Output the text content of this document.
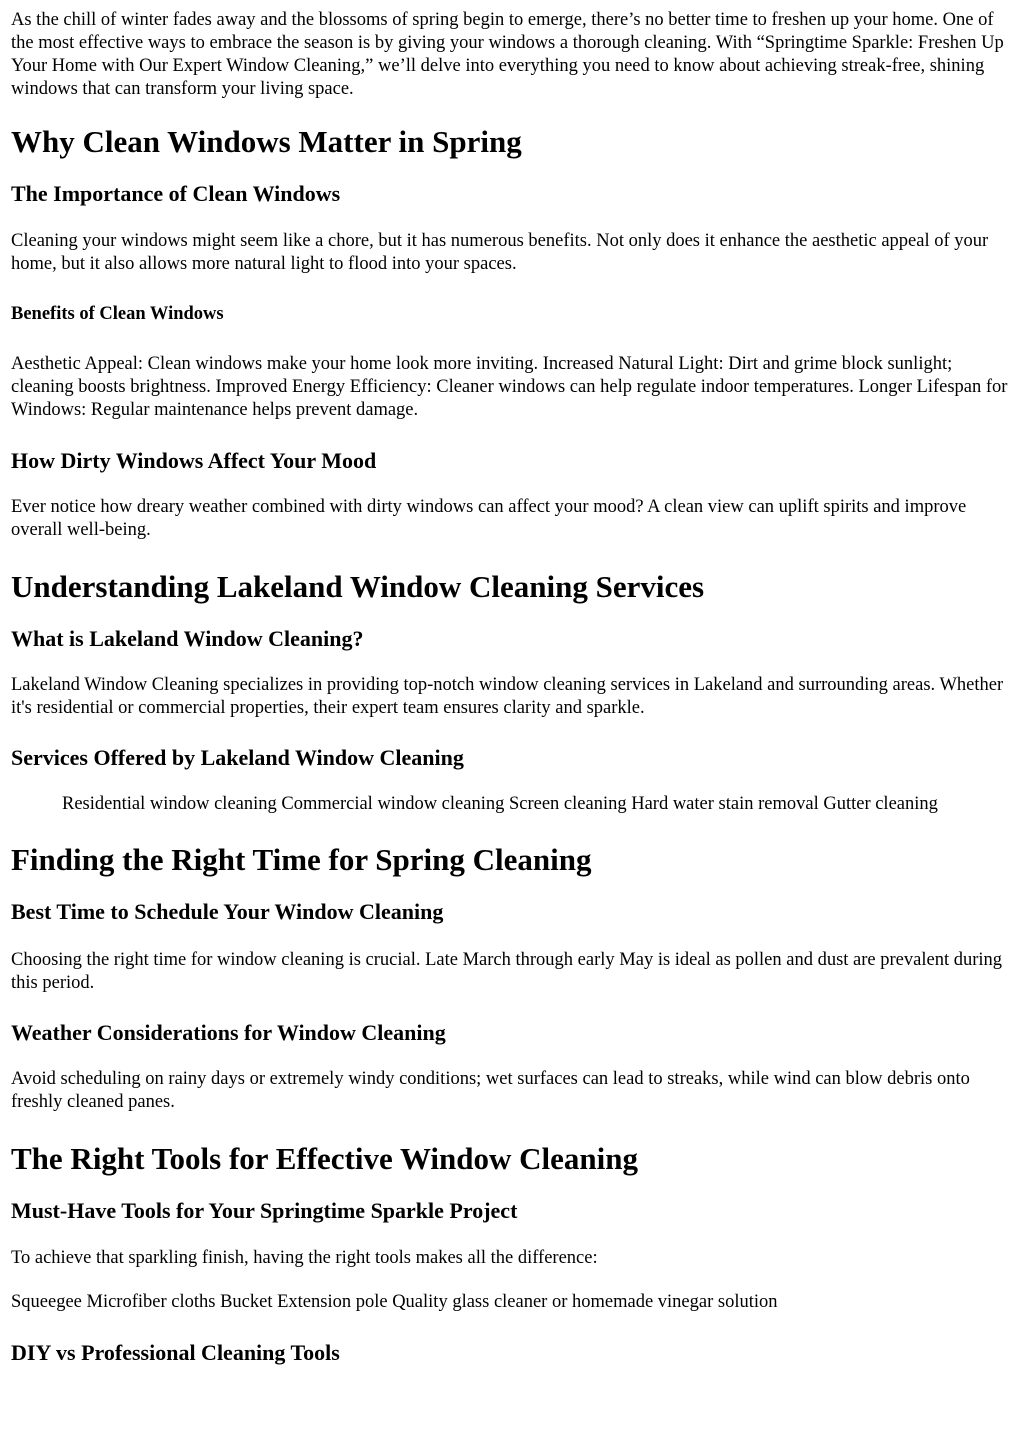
As the chill of winter fades away and the blossoms of spring begin to emerge, there’s no better time to freshen up your home. One of the most effective ways to embrace the season is by giving your windows a thorough cleaning. With “Springtime Sparkle: Freshen Up Your Home with Our Expert Window Cleaning,” we’ll delve into everything you need to know about achieving streak-free, shining windows that can transform your living space.

Why Clean Windows Matter in Spring
The Importance of Clean Windows

Cleaning your windows might seem like a chore, but it has numerous benefits. Not only does it enhance the aesthetic appeal of your home, but it also allows more natural light to flood into your spaces.

Benefits of Clean Windows

Aesthetic Appeal: Clean windows make your home look more inviting. Increased Natural Light: Dirt and grime block sunlight; cleaning boosts brightness. Improved Energy Efficiency: Cleaner windows can help regulate indoor temperatures. Longer Lifespan for Windows: Regular maintenance helps prevent damage.

How Dirty Windows Affect Your Mood

Ever notice how dreary weather combined with dirty windows can affect your mood? A clean view can uplift spirits and improve overall well-being.

Understanding Lakeland Window Cleaning Services
What is Lakeland Window Cleaning?

Lakeland Window Cleaning specializes in providing top-notch window cleaning services in Lakeland and surrounding areas. Whether it's residential or commercial properties, their expert team ensures clarity and sparkle.

Services Offered by Lakeland Window Cleaning
Residential window cleaning Commercial window cleaning Screen cleaning Hard water stain removal Gutter cleaning
Finding the Right Time for Spring Cleaning
Best Time to Schedule Your Window Cleaning

Choosing the right time for window cleaning is crucial. Late March through early May is ideal as pollen and dust are prevalent during this period.

Weather Considerations for Window Cleaning

Avoid scheduling on rainy days or extremely windy conditions; wet surfaces can lead to streaks, while wind can blow debris onto freshly cleaned panes.

The Right Tools for Effective Window Cleaning
Must-Have Tools for Your Springtime Sparkle Project

To achieve that sparkling finish, having the right tools makes all the difference:

Squeegee Microfiber cloths Bucket Extension pole Quality glass cleaner or homemade vinegar solution

DIY vs Professional Cleaning Tools
